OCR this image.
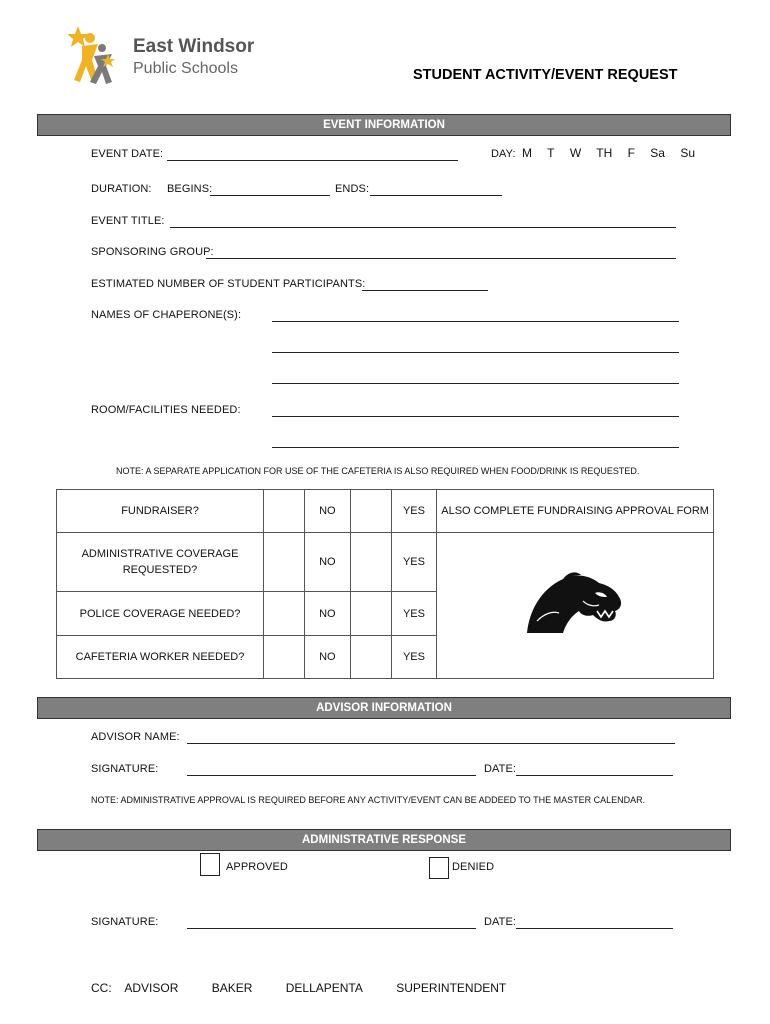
East Windsor
Public Schools	STUDENT ACTIVITY/EVENT REQUEST
EVENT INFORMATION
EVENT DATE:	DAY: M T W TH F Sa Su
DURATION: BEGINS:	ENDS:
EVENT TITLE:
SPONSORING GROUP:
ESTIMATED NUMBER OF STUDENT PARTICIPANTS:
NAMES OF CHAPERONE(S):
ROOM/FACILITIES NEEDED:
NOTE: A SEPARATE APPLICATION FOR USE OF THE CAFETERIA IS ALSO REQUIRED WHEN FOOD/DRINK IS REQUESTED.
FUNDRAISER?		NO		YES	ALSO COMPLETE FUNDRAISING APPROVAL FORM
ADMINISTRATIVE COVERAGE REQUESTED?		NO		YES	
POLICE COVERAGE NEEDED?		NO		YES	
CAFETERIA WORKER NEEDED?		NO		YES	
ADVISOR INFORMATION
ADVISOR NAME:
SIGNATURE:	DATE:
NOTE: ADMINISTRATIVE APPROVAL IS REQUIRED BEFORE ANY ACTIVITY/EVENT CAN BE ADDEED TO THE MASTER CALENDAR.
ADMINISTRATIVE RESPONSE
APPROVED	DENIED
SIGNATURE:	DATE:
CC: ADVISOR	BAKER	DELLAPENTA	SUPERINTENDENT
